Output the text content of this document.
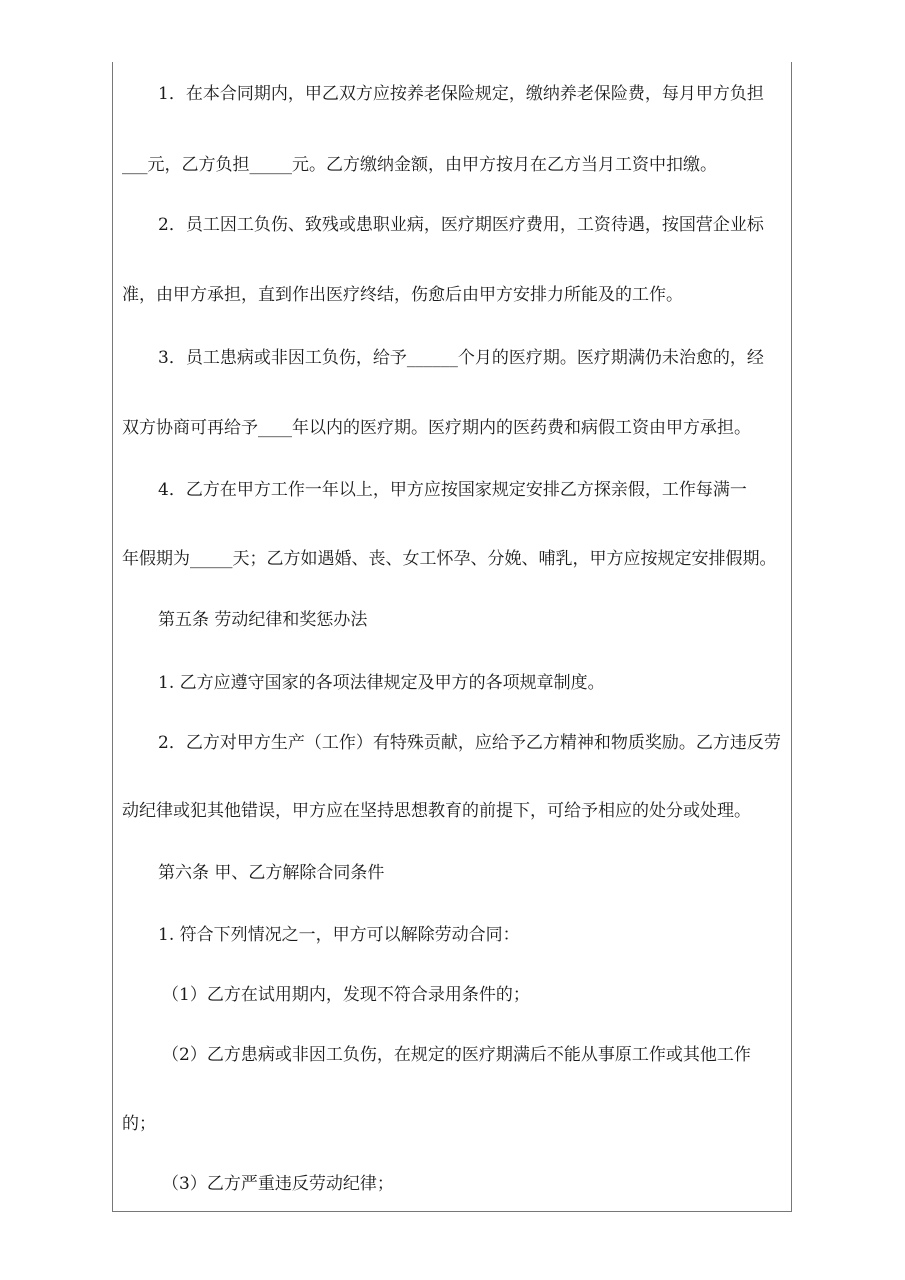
1．在本合同期内，甲乙双方应按养老保险规定，缴纳养老保险费，每月甲方负担
___元，乙方负担_____元。乙方缴纳金额，由甲方按月在乙方当月工资中扣缴。
2．员工因工负伤、致残或患职业病，医疗期医疗费用，工资待遇，按国营企业标
准，由甲方承担，直到作出医疗终结，伤愈后由甲方安排力所能及的工作。
3．员工患病或非因工负伤，给予______个月的医疗期。医疗期满仍未治愈的，经
双方协商可再给予____年以内的医疗期。医疗期内的医药费和病假工资由甲方承担。
4．乙方在甲方工作一年以上，甲方应按国家规定安排乙方探亲假，工作每满一
年假期为_____天；乙方如遇婚、丧、女工怀孕、分娩、哺乳，甲方应按规定安排假期。
第五条 劳动纪律和奖惩办法
1. 乙方应遵守国家的各项法律规定及甲方的各项规章制度。
2．乙方对甲方生产（工作）有特殊贡献，应给予乙方精神和物质奖励。乙方违反劳
动纪律或犯其他错误，甲方应在坚持思想教育的前提下，可给予相应的处分或处理。
第六条 甲、乙方解除合同条件
1. 符合下列情况之一，甲方可以解除劳动合同：
（1）乙方在试用期内，发现不符合录用条件的；
（2）乙方患病或非因工负伤，在规定的医疗期满后不能从事原工作或其他工作
的；
（3）乙方严重违反劳动纪律；
